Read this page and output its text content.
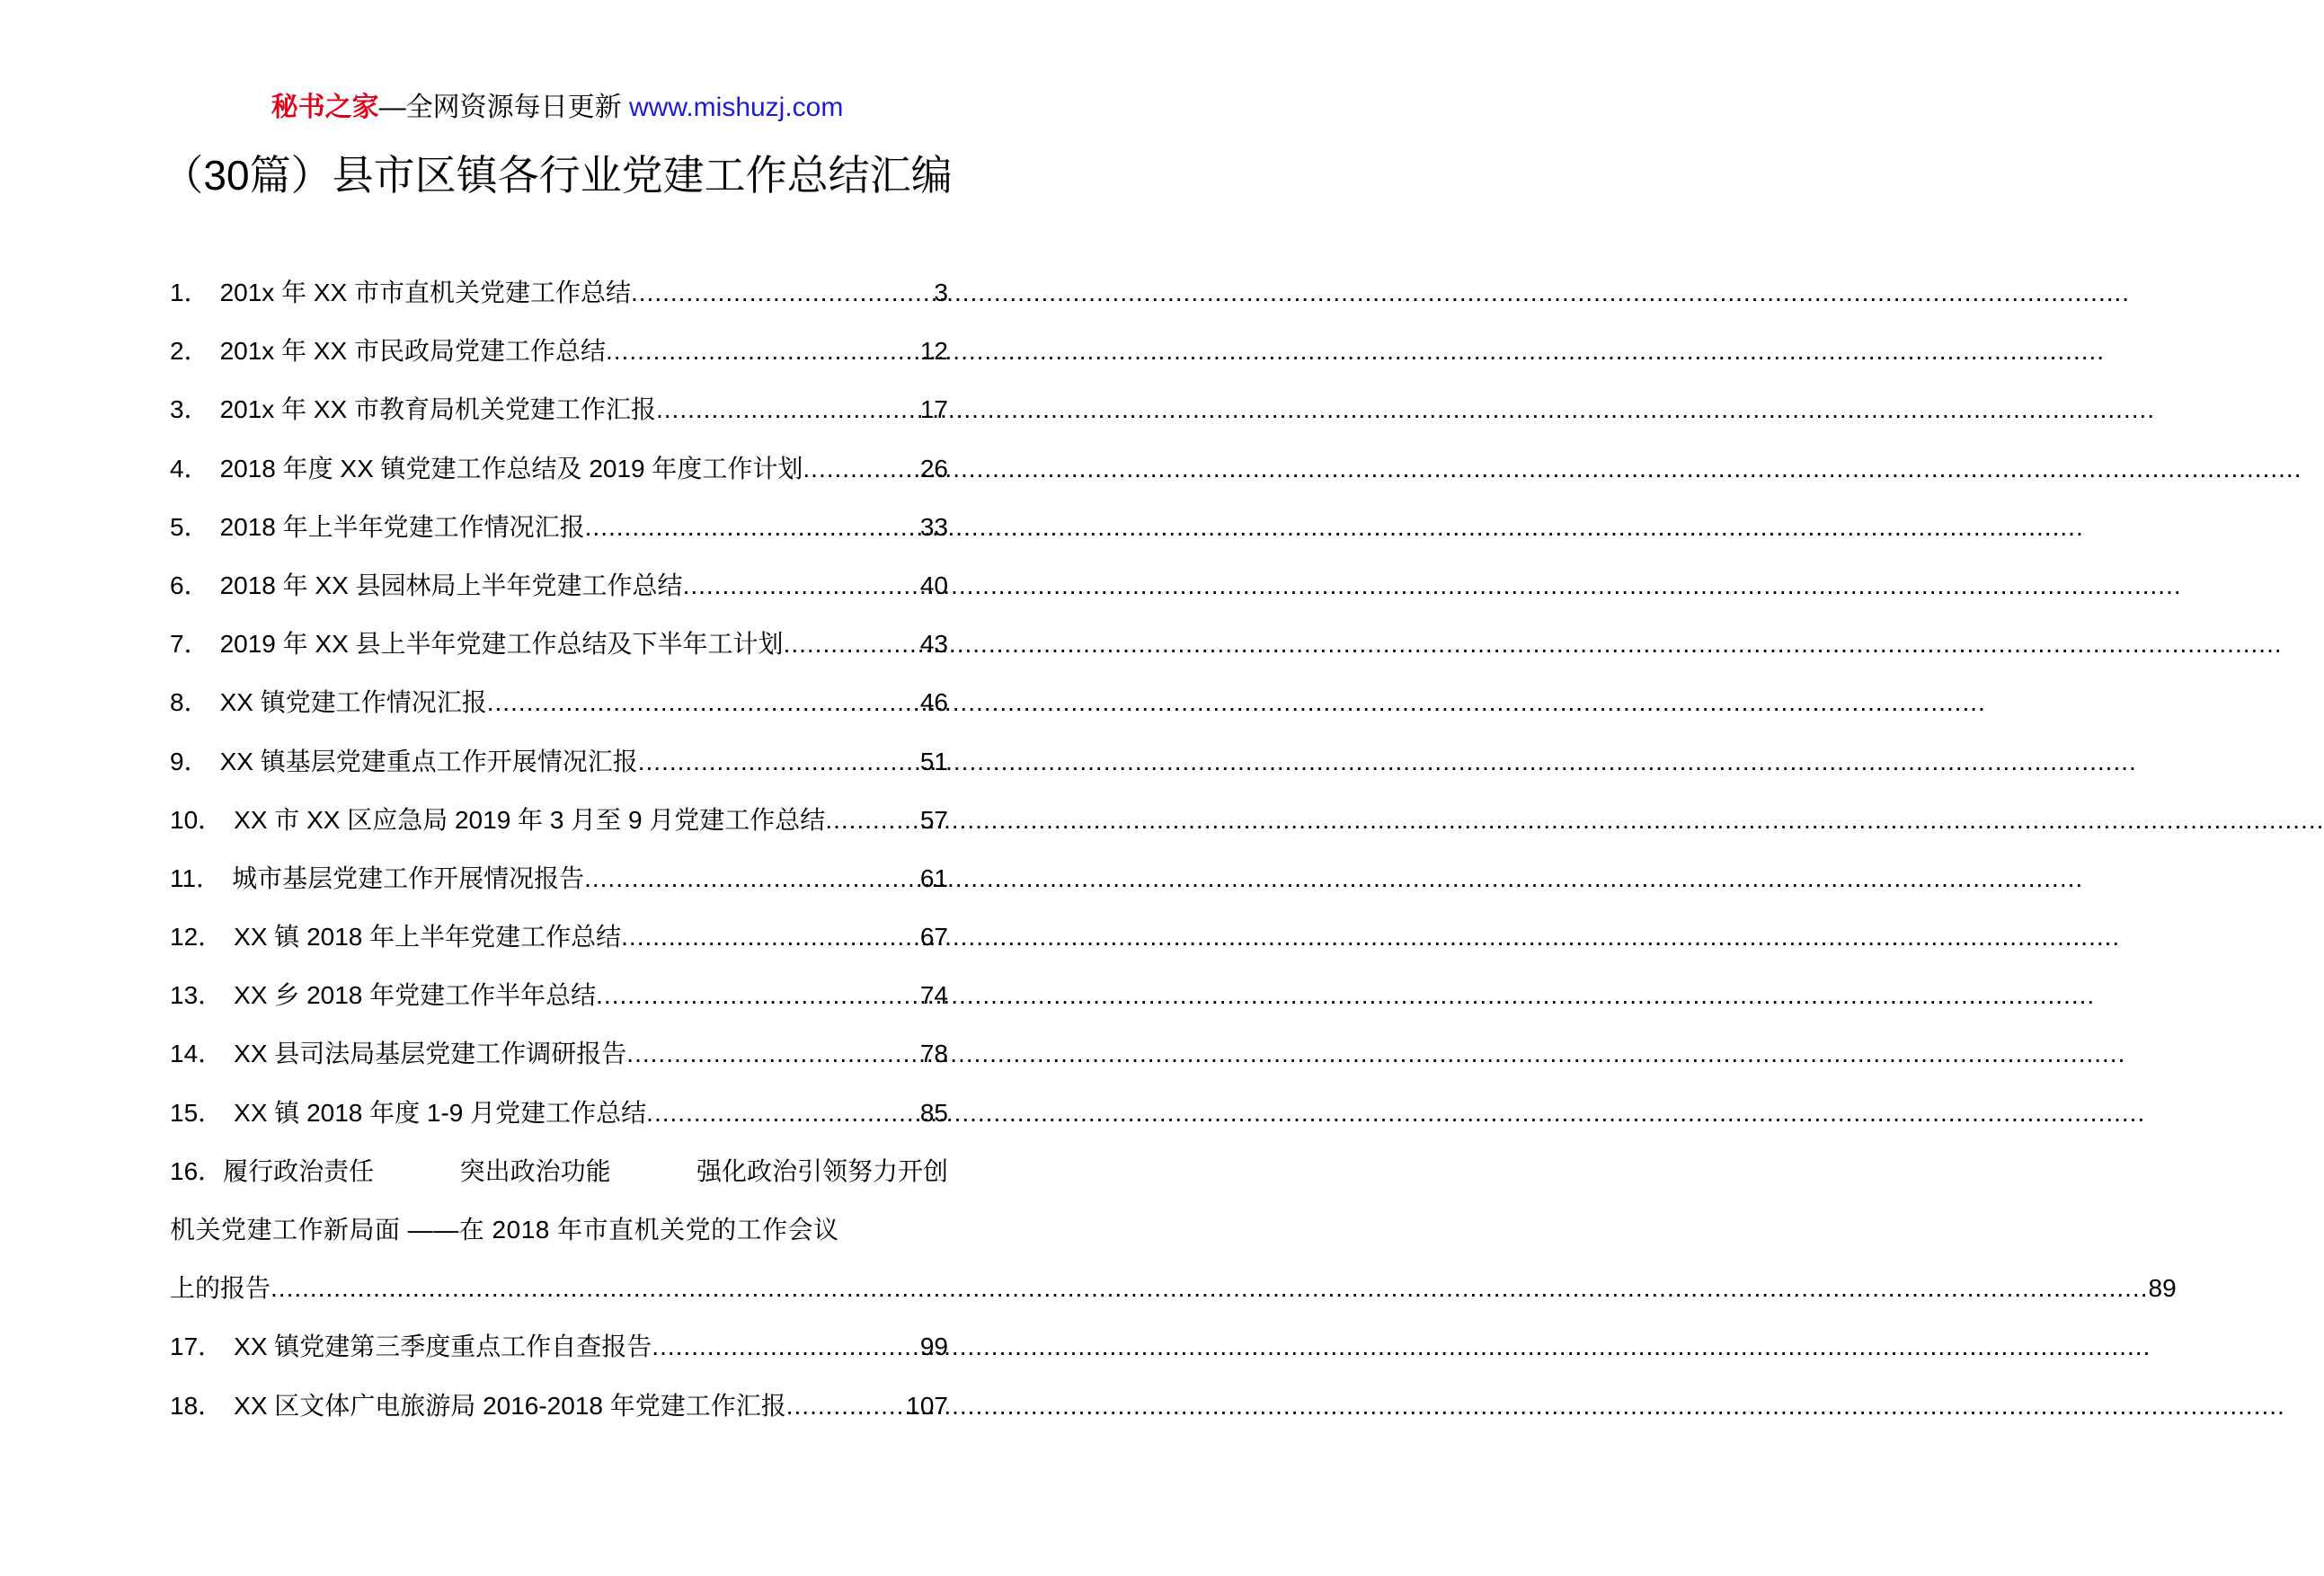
秘书之家—全网资源每日更新 www.mishuzj.com
（30篇）县市区镇各行业党建工作总结汇编
1． 201x 年 XX 市市直机关党建工作总结 .....	3
2． 201x 年 XX 市民政局党建工作总结 .....	12
3． 201x 年 XX 市教育局机关党建工作汇报 .....	17
4． 2018 年度 XX 镇党建工作总结及 2019 年度工作计划 .....	26
5． 2018 年上半年党建工作情况汇报 .....	33
6． 2018 年 XX 县园林局上半年党建工作总结 .....	40
7． 2019 年 XX 县上半年党建工作总结及下半年工计划 .....	43
8． XX 镇党建工作情况汇报 .....	46
9． XX 镇基层党建重点工作开展情况汇报 .....	51
10． XX 市 XX 区应急局 2019 年 3 月至 9 月党建工作总结 .....	57
11． 城市基层党建工作开展情况报告 .....	61
12． XX 镇 2018 年上半年党建工作总结 .....	67
13． XX 乡 2018 年党建工作半年总结 .....	74
14． XX 县司法局基层党建工作调研报告 .....	78
15． XX 镇 2018 年度 1-9 月党建工作总结 .....	85
16．履行政治责任	突出政治功能	强化政治引领努力开创
机关党建工作新局面 ——在 2018 年市直机关党的工作会议
上的报告 .....	89
17． XX 镇党建第三季度重点工作自查报告 .....	99
18． XX 区文体广电旅游局 2016-2018 年党建工作汇报 .....	107
